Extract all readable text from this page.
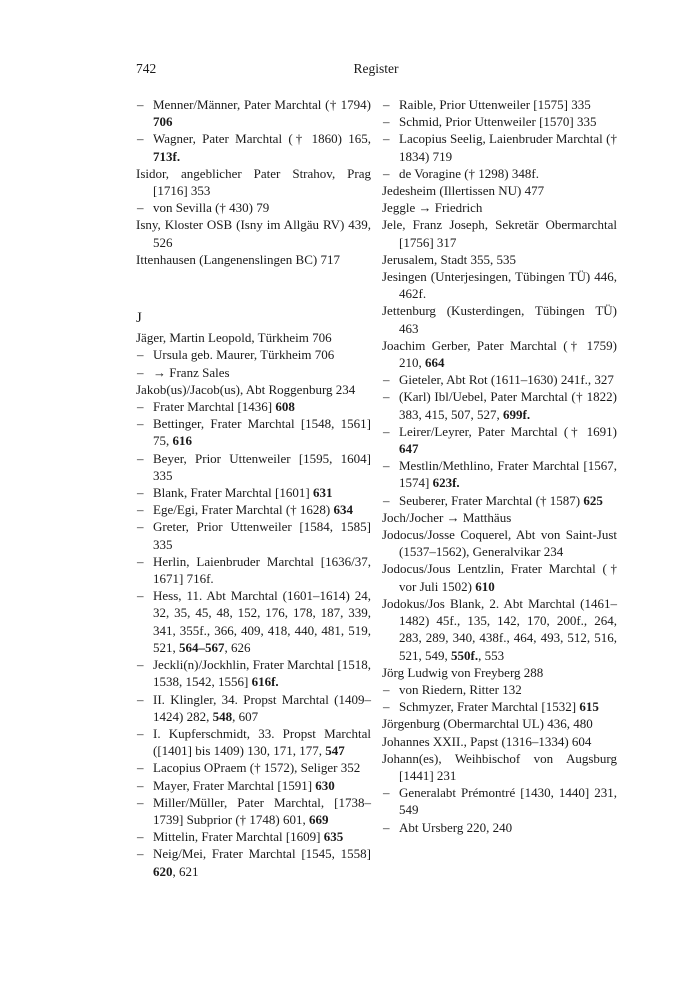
742	Register
– Menner/Männer, Pater Marchtal († 1794) 706
– Wagner, Pater Marchtal († 1860) 165, 713f.
Isidor, angeblicher Pater Strahov, Prag [1716] 353
– von Sevilla († 430) 79
Isny, Kloster OSB (Isny im Allgäu RV) 439, 526
Ittenhausen (Langenenslingen BC) 717
J
Jäger, Martin Leopold, Türkheim 706
– Ursula geb. Maurer, Türkheim 706
– → Franz Sales
Jakob(us)/Jacob(us), Abt Roggenburg 234
– Frater Marchtal [1436] 608
– Bettinger, Frater Marchtal [1548, 1561] 75, 616
– Beyer, Prior Uttenweiler [1595, 1604] 335
– Blank, Frater Marchtal [1601] 631
– Ege/Egi, Frater Marchtal († 1628) 634
– Greter, Prior Uttenweiler [1584, 1585] 335
– Herlin, Laienbruder Marchtal [1636/37, 1671] 716f.
– Hess, 11. Abt Marchtal (1601–1614) 24, 32, 35, 45, 48, 152, 176, 178, 187, 339, 341, 355f., 366, 409, 418, 440, 481, 519, 521, 564–567, 626
– Jeckli(n)/Jockhlin, Frater Marchtal [1518, 1538, 1542, 1556] 616f.
– II. Klingler, 34. Propst Marchtal (1409–1424) 282, 548, 607
– I. Kupferschmidt, 33. Propst Marchtal ([1401] bis 1409) 130, 171, 177, 547
– Lacopius OPraem († 1572), Seliger 352
– Mayer, Frater Marchtal [1591] 630
– Miller/Müller, Pater Marchtal, [1738–1739] Subprior († 1748) 601, 669
– Mittelin, Frater Marchtal [1609] 635
– Neig/Mei, Frater Marchtal [1545, 1558] 620, 621
– Raible, Prior Uttenweiler [1575] 335
– Schmid, Prior Uttenweiler [1570] 335
– Lacopius Seelig, Laienbruder Marchtal († 1834) 719
– de Voragine († 1298) 348f.
Jedesheim (Illertissen NU) 477
Jeggle → Friedrich
Jele, Franz Joseph, Sekretär Obermarchtal [1756] 317
Jerusalem, Stadt 355, 535
Jesingen (Unterjesingen, Tübingen TÜ) 446, 462f.
Jettenburg (Kusterdingen, Tübingen TÜ) 463
Joachim Gerber, Pater Marchtal († 1759) 210, 664
– Gieteler, Abt Rot (1611–1630) 241f., 327
– (Karl) Ibl/Uebel, Pater Marchtal († 1822) 383, 415, 507, 527, 699f.
– Leirer/Leyrer, Pater Marchtal († 1691) 647
– Mestlin/Methlino, Frater Marchtal [1567, 1574] 623f.
– Seuberer, Frater Marchtal († 1587) 625
Joch/Jocher → Matthäus
Jodocus/Josse Coquerel, Abt von Saint-Just (1537–1562), Generalvikar 234
Jodocus/Jous Lentzlin, Frater Marchtal († vor Juli 1502) 610
Jodokus/Jos Blank, 2. Abt Marchtal (1461–1482) 45f., 135, 142, 170, 200f., 264, 283, 289, 340, 438f., 464, 493, 512, 516, 521, 549, 550f., 553
Jörg Ludwig von Freyberg 288
– von Riedern, Ritter 132
– Schmyzer, Frater Marchtal [1532] 615
Jörgenburg (Obermarchtal UL) 436, 480
Johannes XXII., Papst (1316–1334) 604
Johann(es), Weihbischof von Augsburg [1441] 231
– Generalabt Prémontré [1430, 1440] 231, 549
– Abt Ursberg 220, 240
